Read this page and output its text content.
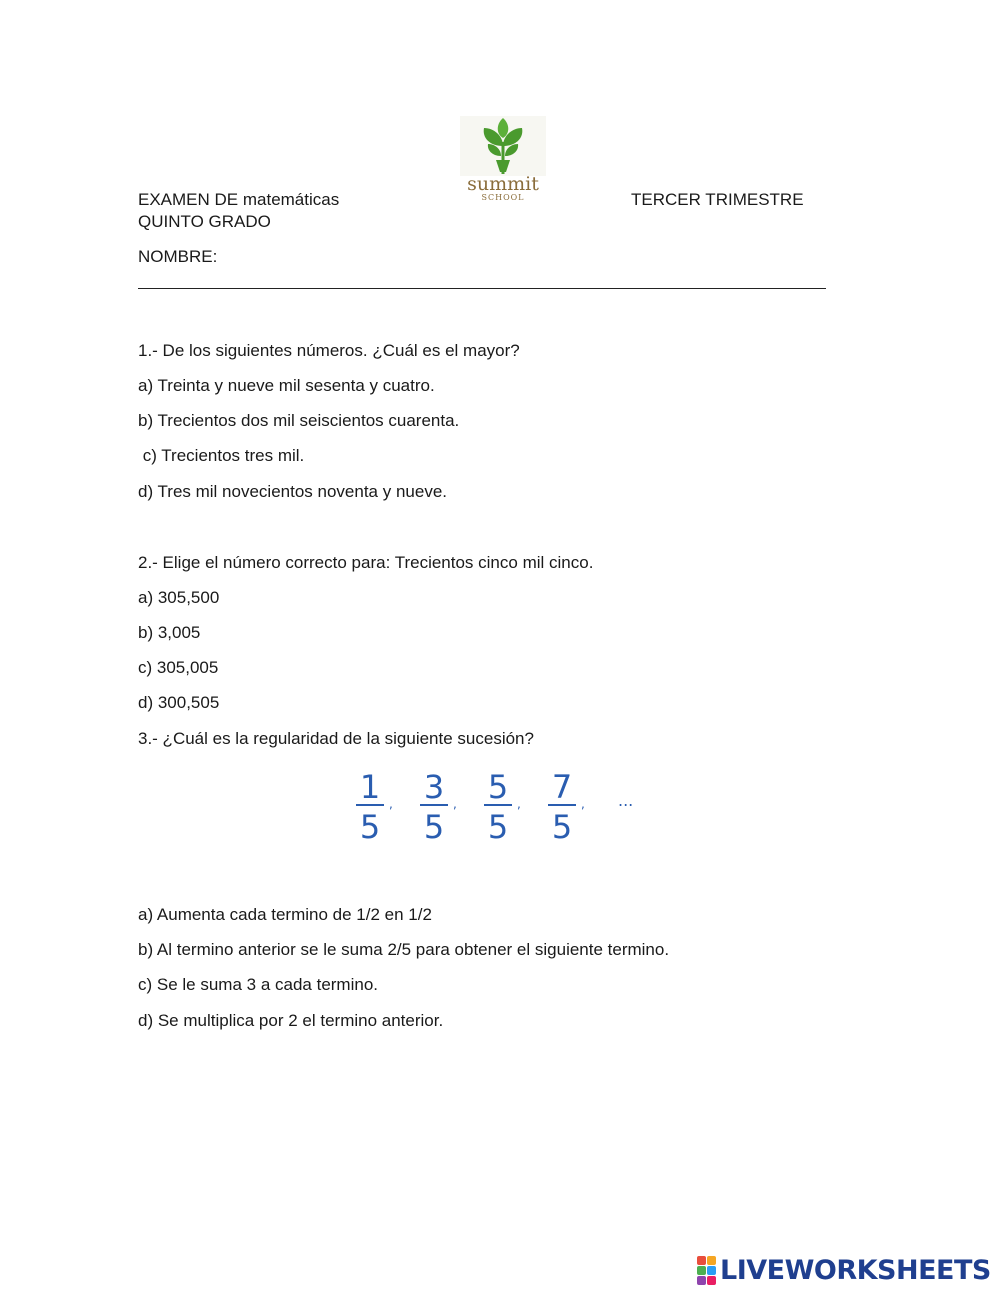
EXAMEN DE matemáticas	TERCER TRIMESTRE
QUINTO GRADO
NOMBRE:
summit
SCHOOL
1.- De los siguientes números. ¿Cuál es el mayor?
a) Treinta y nueve mil sesenta y cuatro.
b) Trecientos dos mil seiscientos cuarenta.
c) Trecientos tres mil.
d) Tres mil novecientos noventa y nueve.
2.- Elige el número correcto para: Trecientos cinco mil cinco.
a) 305,500
b) 3,005
c) 305,005
d) 300,505
3.- ¿Cuál es la regularidad de la siguiente sucesión?
1
5
, 3
5
, 5
5
, 7
5
, ...
a) Aumenta cada termino de 1/2 en 1/2
b) Al termino anterior se le suma 2/5 para obtener el siguiente termino.
c) Se le suma 3 a cada termino.
d) Se multiplica por 2 el termino anterior.
LIVEWORKSHEETS
